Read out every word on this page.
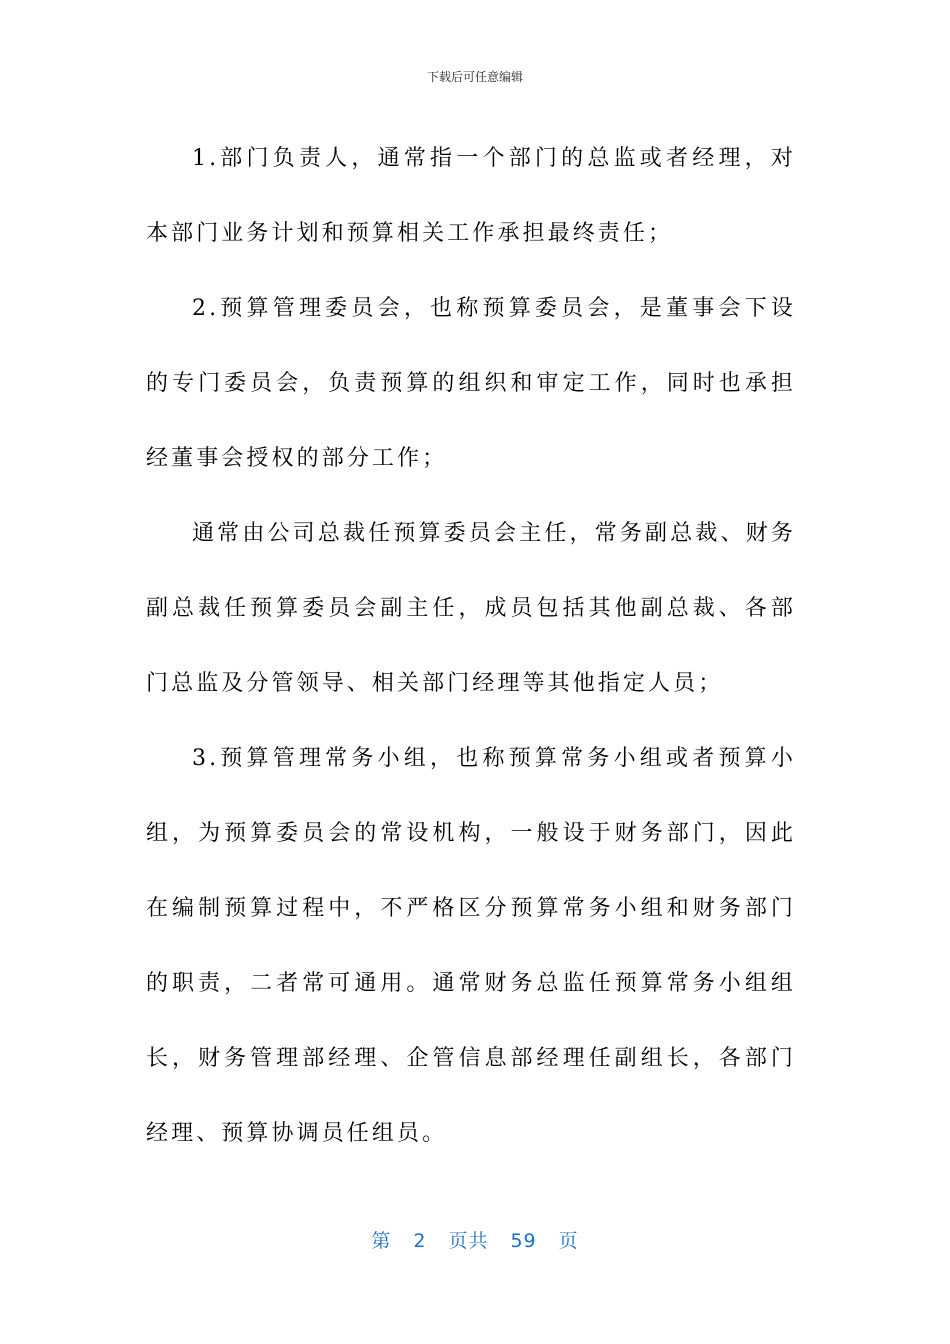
下载后可任意编辑

1.部门负责人，通常指一个部门的总监或者经理，对本部门业务计划和预算相关工作承担最终责任；

2.预算管理委员会，也称预算委员会，是董事会下设的专门委员会，负责预算的组织和审定工作，同时也承担经董事会授权的部分工作；

通常由公司总裁任预算委员会主任，常务副总裁、财务副总裁任预算委员会副主任，成员包括其他副总裁、各部门总监及分管领导、相关部门经理等其他指定人员；

3.预算管理常务小组，也称预算常务小组或者预算小组，为预算委员会的常设机构，一般设于财务部门，因此在编制预算过程中，不严格区分预算常务小组和财务部门的职责，二者常可通用。通常财务总监任预算常务小组组长，财务管理部经理、企管信息部经理任副组长，各部门经理、预算协调员任组员。

第 2 页共 59 页
